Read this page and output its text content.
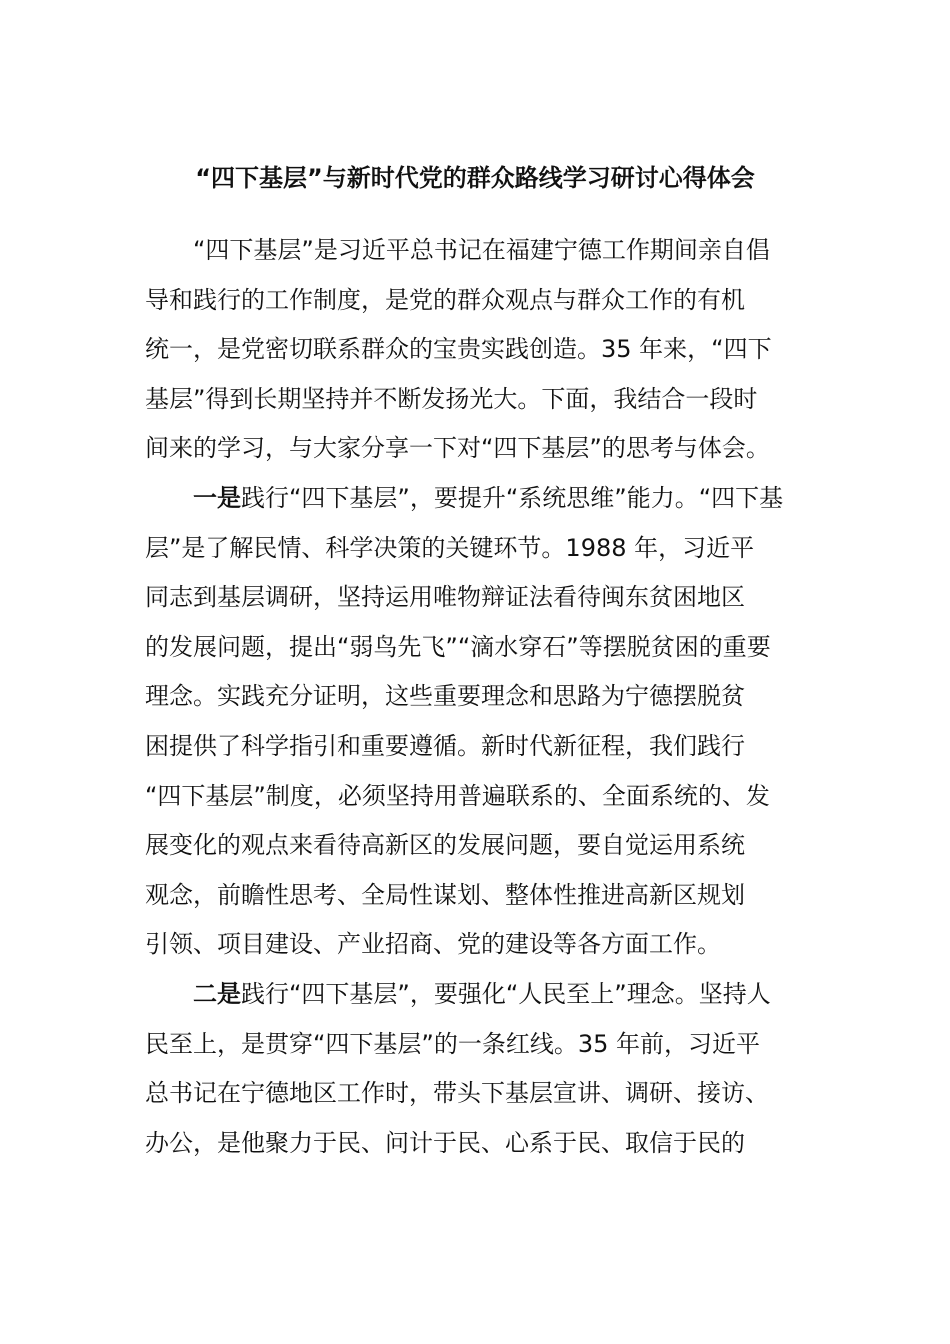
“四下基层”与新时代党的群众路线学习研讨心得体会

“四下基层”是习近平总书记在福建宁德工作期间亲自倡
导和践行的工作制度，是党的群众观点与群众工作的有机
统一，是党密切联系群众的宝贵实践创造。35 年来，“四下
基层”得到长期坚持并不断发扬光大。下面，我结合一段时
间来的学习，与大家分享一下对“四下基层”的思考与体会。

一是践行“四下基层”，要提升“系统思维”能力。“四下基
层”是了解民情、科学决策的关键环节。1988 年，习近平
同志到基层调研，坚持运用唯物辩证法看待闽东贫困地区
的发展问题，提出“弱鸟先飞”“滴水穿石”等摆脱贫困的重要
理念。实践充分证明，这些重要理念和思路为宁德摆脱贫
困提供了科学指引和重要遵循。新时代新征程，我们践行
“四下基层”制度，必须坚持用普遍联系的、全面系统的、发
展变化的观点来看待高新区的发展问题，要自觉运用系统
观念，前瞻性思考、全局性谋划、整体性推进高新区规划
引领、项目建设、产业招商、党的建设等各方面工作。

二是践行“四下基层”，要强化“人民至上”理念。坚持人
民至上，是贯穿“四下基层”的一条红线。35 年前，习近平
总书记在宁德地区工作时，带头下基层宣讲、调研、接访、
办公，是他聚力于民、问计于民、心系于民、取信于民的
